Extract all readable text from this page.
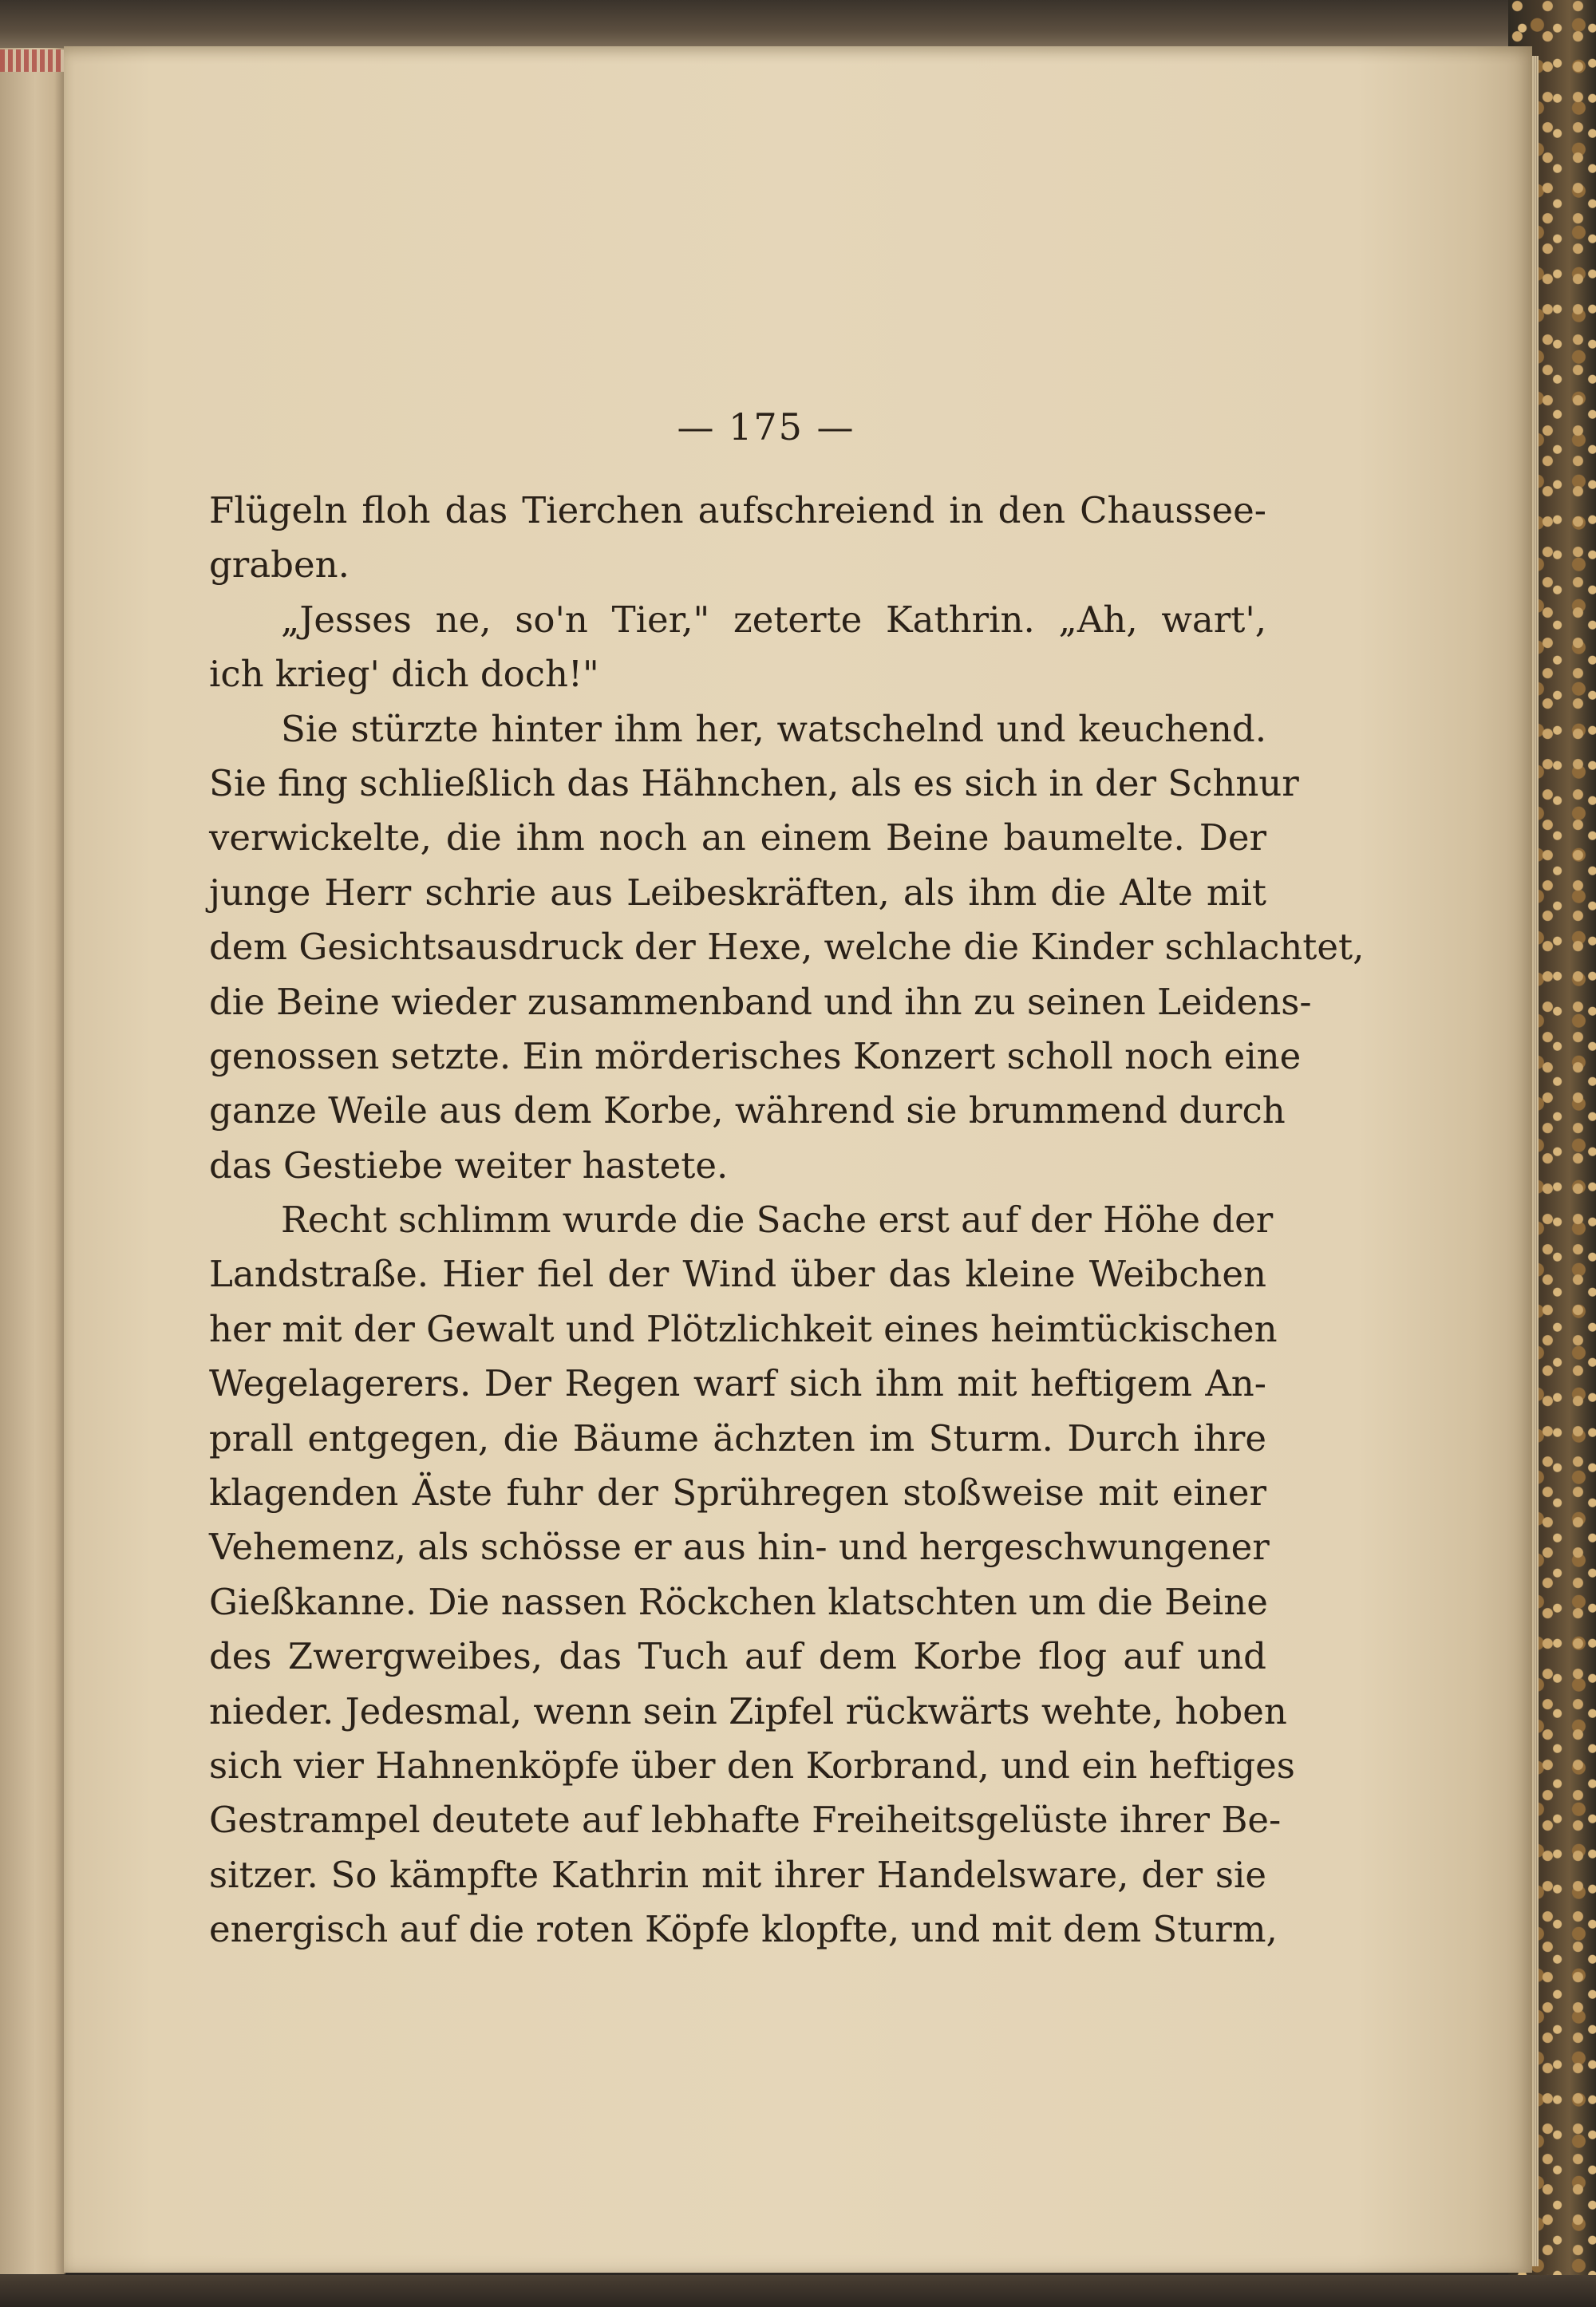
— 175 —
Flügeln floh das Tierchen aufschreiend in den Chaussee-
graben.
„Jesses ne, so'n Tier," zeterte Kathrin. „Ah, wart',
ich krieg' dich doch!"
Sie stürzte hinter ihm her, watschelnd und keuchend.
Sie fing schließlich das Hähnchen, als es sich in der Schnur
verwickelte, die ihm noch an einem Beine baumelte. Der
junge Herr schrie aus Leibeskräften, als ihm die Alte mit
dem Gesichtsausdruck der Hexe, welche die Kinder schlachtet,
die Beine wieder zusammenband und ihn zu seinen Leidens-
genossen setzte. Ein mörderisches Konzert scholl noch eine
ganze Weile aus dem Korbe, während sie brummend durch
das Gestiebe weiter hastete.
Recht schlimm wurde die Sache erst auf der Höhe der
Landstraße. Hier fiel der Wind über das kleine Weibchen
her mit der Gewalt und Plötzlichkeit eines heimtückischen
Wegelagerers. Der Regen warf sich ihm mit heftigem An-
prall entgegen, die Bäume ächzten im Sturm. Durch ihre
klagenden Äste fuhr der Sprühregen stoßweise mit einer
Vehemenz, als schösse er aus hin- und hergeschwungener
Gießkanne. Die nassen Röckchen klatschten um die Beine
des Zwergweibes, das Tuch auf dem Korbe flog auf und
nieder. Jedesmal, wenn sein Zipfel rückwärts wehte, hoben
sich vier Hahnenköpfe über den Korbrand, und ein heftiges
Gestrampel deutete auf lebhafte Freiheitsgelüste ihrer Be-
sitzer. So kämpfte Kathrin mit ihrer Handelsware, der sie
energisch auf die roten Köpfe klopfte, und mit dem Sturm,
